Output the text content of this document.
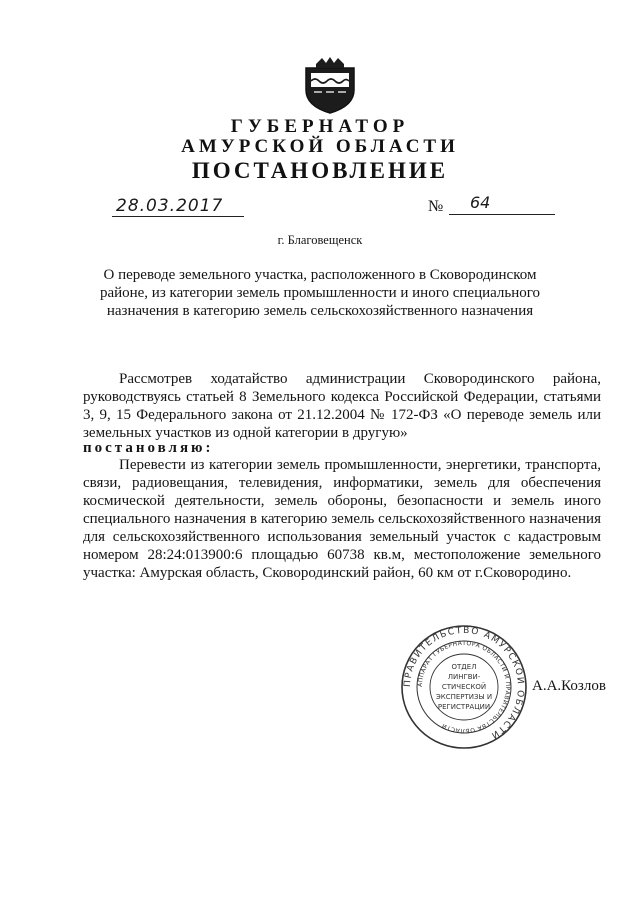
ГУБЕРНАТОР
АМУРСКОЙ ОБЛАСТИ
ПОСТАНОВЛЕНИЕ
28.03.2017	№ 64
г. Благовещенск
О переводе земельного участка, расположенного в Сковородинском районе, из категории земель промышленности и иного специального назначения в категорию земель сельскохозяйственного назначения
Рассмотрев ходатайство администрации Сковородинского района, руководствуясь статьей 8 Земельного кодекса Российской Федерации, статьями 3, 9, 15 Федерального закона от 21.12.2004 № 172-ФЗ «О переводе земель или земельных участков из одной категории в другую»
постановляю:
Перевести из категории земель промышленности, энергетики, транспорта, связи, радиовещания, телевидения, информатики, земель для обеспечения космической деятельности, земель обороны, безопасности и земель иного специального назначения в категорию земель сельскохозяйственного назначения для сельскохозяйственного использования земельный участок с кадастровым номером 28:24:013900:6 площадью 60738 кв.м, местоположение земельного участка: Амурская область, Сковородинский район, 60 км от г.Сковородино.
ПРАВИТЕЛЬСТВО АМУРСКОЙ ОБЛАСТИ
АППАРАТ ГУБЕРНАТОРА ОБЛАСТИ И ПРАВИТЕЛЬСТВА ОБЛАСТИ
ОТДЕЛ
ЛИНГВИ-
СТИЧЕСКОЙ
ЭКСПЕРТИЗЫ И
РЕГИСТРАЦИИ
А.А.Козлов
